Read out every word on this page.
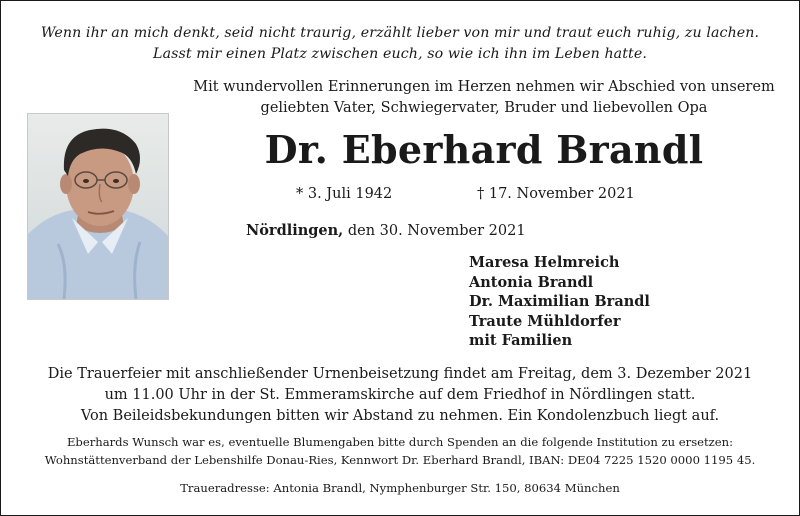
Wenn ihr an mich denkt, seid nicht traurig, erzählt lieber von mir und traut euch ruhig, zu lachen.
Lasst mir einen Platz zwischen euch, so wie ich ihn im Leben hatte.
Mit wundervollen Erinnerungen im Herzen nehmen wir Abschied von unserem
geliebten Vater, Schwiegervater, Bruder und liebevollen Opa
Dr. Eberhard Brandl
* 3. Juli 1942	† 17. November 2021
Nördlingen, den 30. November 2021
Maresa Helmreich
Antonia Brandl
Dr. Maximilian Brandl
Traute Mühldorfer
mit Familien
Die Trauerfeier mit anschließender Urnenbeisetzung findet am Freitag, dem 3. Dezember 2021
um 11.00 Uhr in der St. Emmeramskirche auf dem Friedhof in Nördlingen statt.
Von Beileidsbekundungen bitten wir Abstand zu nehmen. Ein Kondolenzbuch liegt auf.
Eberhards Wunsch war es, eventuelle Blumengaben bitte durch Spenden an die folgende Institution zu ersetzen:
Wohnstättenverband der Lebenshilfe Donau-Ries, Kennwort Dr. Eberhard Brandl, IBAN: DE04 7225 1520 0000 1195 45.
Traueradresse: Antonia Brandl, Nymphenburger Str. 150, 80634 München
